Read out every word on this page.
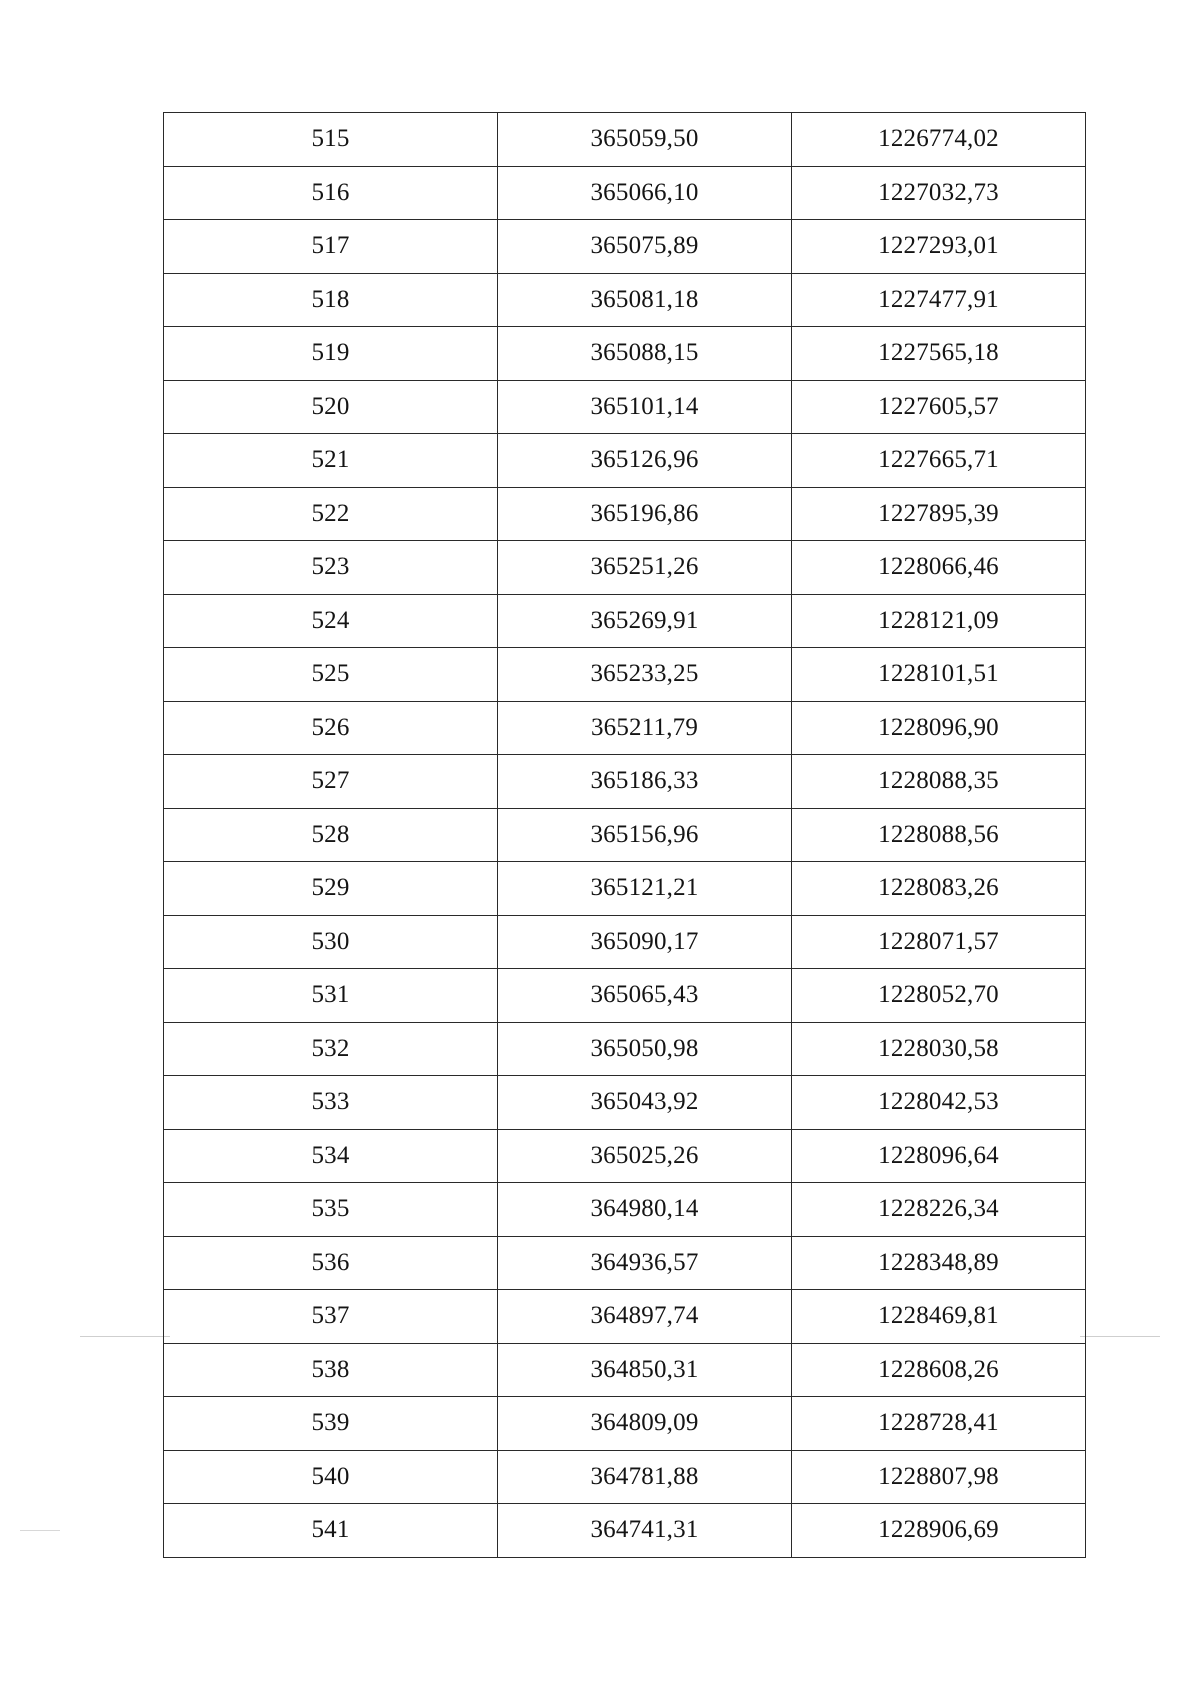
515	365059,50	1226774,02
516	365066,10	1227032,73
517	365075,89	1227293,01
518	365081,18	1227477,91
519	365088,15	1227565,18
520	365101,14	1227605,57
521	365126,96	1227665,71
522	365196,86	1227895,39
523	365251,26	1228066,46
524	365269,91	1228121,09
525	365233,25	1228101,51
526	365211,79	1228096,90
527	365186,33	1228088,35
528	365156,96	1228088,56
529	365121,21	1228083,26
530	365090,17	1228071,57
531	365065,43	1228052,70
532	365050,98	1228030,58
533	365043,92	1228042,53
534	365025,26	1228096,64
535	364980,14	1228226,34
536	364936,57	1228348,89
537	364897,74	1228469,81
538	364850,31	1228608,26
539	364809,09	1228728,41
540	364781,88	1228807,98
541	364741,31	1228906,69
